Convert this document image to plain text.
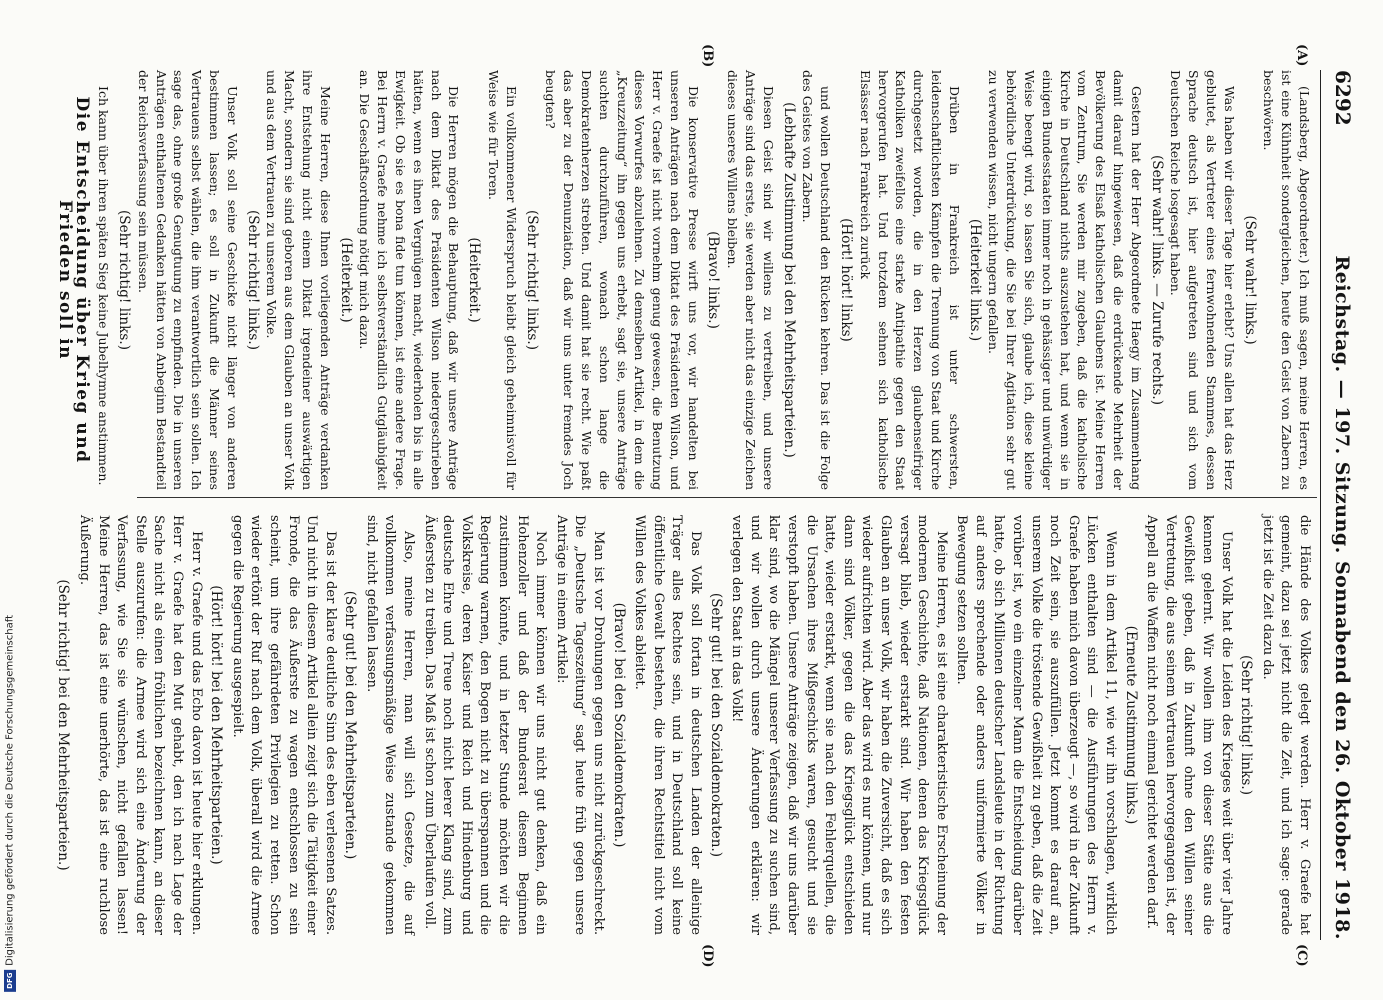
6292
Reichstag. — 197. Sitzung. Sonnabend den 26. Oktober 1918.
(A)
(B)
(C)
(D)

(Landsberg, Abgeordneter.) Ich muß sagen, meine Herren, es ist eine Kühnheit sondergleichen, heute den Geist von Zabern zu beschwören.

(Sehr wahr! links.)

Was haben wir dieser Tage hier erlebt? Uns allen hat das Herz geblutet, als Vertreter eines fernwohnenden Stammes, dessen Sprache deutsch ist, hier aufgetreten sind und sich vom Deutschen Reiche losgesagt haben.

(Sehr wahr! links. — Zurufe rechts.)

Gestern hat der Herr Abgeordnete Haegy im Zusammenhang damit darauf hingewiesen, daß die erdrückende Mehrheit der Bevölkerung des Elsaß katholischen Glaubens ist. Meine Herren vom Zentrum, Sie werden mir zugeben, daß die katholische Kirche in Deutschland nichts auszustehen hat, und wenn sie in einigen Bundesstaaten immer noch in gehässiger und unwürdiger Weise beengt wird, so lassen Sie sich, glaube ich, diese kleine behördliche Unterdrückung, die Sie bei Ihrer Agitation sehr gut zu verwenden wissen, nicht ungern gefallen.

(Heiterkeit links.)

Drüben in Frankreich ist unter schwersten, leidenschaftlichsten Kämpfen die Trennung von Staat und Kirche durchgesetzt worden, die in den Herzen glaubenseifriger Katholiken zweifellos eine starke Antipathie gegen den Staat hervorgerufen hat. Und trotzdem sehnen sich katholische Elsässer nach Frankreich zurück

(Hört! hört! links)

und wollen Deutschland den Rücken kehren. Das ist die Folge des Geistes von Zabern.

(Lebhafte Zustimmung bei den Mehrheitsparteien.)

Diesen Geist sind wir willens zu vertreiben, und unsere Anträge sind das erste, sie werden aber nicht das einzige Zeichen dieses unseres Willens bleiben.

(Bravo! links.)

Die konservative Presse wirft uns vor, wir handelten bei unseren Anträgen nach dem Diktat des Präsidenten Wilson, und Herr v. Graefe ist nicht vornehm genug gewesen, die Benutzung dieses Vorwurfes abzulehnen. Zu demselben Artikel, in dem die „Kreuzzeitung“ ihn gegen uns erhebt, sagt sie, unsere Anträge suchten durchzuführen, wonach schon lange die Demokratenherzen strebten. Und damit hat sie recht. Wie paßt das aber zu der Denunziation, daß wir uns unter fremdes Joch beugten?

(Sehr richtig! links.)

Ein vollkommener Widerspruch bleibt gleich geheimnisvoll für Weise wie für Toren.

(Heiterkeit.)

Die Herren mögen die Behauptung, daß wir unsere Anträge nach dem Diktat des Präsidenten Wilson niedergeschrieben hätten, wenn es ihnen Vergnügen macht, wiederholen bis in alle Ewigkeit. Ob sie es bona fide tun können, ist eine andere Frage. Bei Herrn v. Graefe nehme ich selbstverständlich Gutgläubigkeit an. Die Geschäftsordnung nötigt mich dazu.

(Heiterkeit.)

Meine Herren, diese Ihnen vorliegenden Anträge verdanken ihre Entstehung nicht einem Diktat irgendeiner auswärtigen Macht, sondern sie sind geboren aus dem Glauben an unser Volk und aus dem Vertrauen zu unserem Volke.

(Sehr richtig! links.)

Unser Volk soll seine Geschicke nicht länger von anderen bestimmen lassen; es soll in Zukunft die Männer seines Vertrauens selbst wählen, die ihm verantwortlich sein sollen. Ich sage das, ohne große Genugtuung zu empfinden. Die in unseren Anträgen enthaltenen Gedanken hätten von Anbeginn Bestandteil der Reichsverfassung sein müssen.

(Sehr richtig! links.)

Ich kann über ihren späten Sieg keine Jubelhymne anstimmen.

Die Entscheidung über Krieg und Frieden soll in

die Hände des Volkes gelegt werden. Herr v. Graefe hat gemeint, dazu sei jetzt nicht die Zeit, und ich sage: gerade jetzt ist die Zeit dazu da.

(Sehr richtig! links.)

Unser Volk hat die Leiden des Krieges weit über vier Jahre kennen gelernt. Wir wollen ihm von dieser Stätte aus die Gewißheit geben, daß in Zukunft ohne den Willen seiner Vertretung, die aus seinem Vertrauen hervorgegangen ist, der Appell an die Waffen nicht noch einmal gerichtet werden darf.

(Erneute Zustimmung links.)

Wenn in dem Artikel 11, wie wir ihn vorschlagen, wirklich Lücken enthalten sind — die Ausführungen des Herrn v. Graefe haben mich davon überzeugt —, so wird in der Zukunft noch Zeit sein, sie auszufüllen. Jetzt kommt es darauf an, unserem Volke die tröstende Gewißheit zu geben, daß die Zeit vorüber ist, wo ein einzelner Mann die Entscheidung darüber hatte, ob sich Millionen deutscher Landsleute in der Richtung auf anders sprechende oder anders uniformierte Völker in Bewegung setzen sollten.

Meine Herren, es ist eine charakteristische Erscheinung der modernen Geschichte, daß Nationen, denen das Kriegsglück versagt blieb, wieder erstarkt sind. Wir haben den festen Glauben an unser Volk, wir haben die Zuversicht, daß es sich wieder aufrichten wird. Aber das wird es nur können, und nur dann sind Völker, gegen die das Kriegsglück entschieden hatte, wieder erstarkt, wenn sie nach den Fehlerquellen, die die Ursachen ihres Mißgeschicks waren, gesucht und sie verstopft haben. Unsere Anträge zeigen, daß wir uns darüber klar sind, wo die Mängel unserer Verfassung zu suchen sind, und wir wollen durch unsere Änderungen erklären: wir verlegen den Staat in das Volk!

(Sehr gut! bei den Sozialdemokraten.)

Das Volk soll fortan in deutschen Landen der alleinige Träger alles Rechtes sein, und in Deutschland soll keine öffentliche Gewalt bestehen, die ihren Rechtstitel nicht vom Willen des Volkes ableitet.

(Bravo! bei den Sozialdemokraten.)

Man ist vor Drohungen gegen uns nicht zurückgeschreckt. Die „Deutsche Tageszeitung“ sagt heute früh gegen unsere Anträge in einem Artikel:

Noch immer können wir uns nicht gut denken, daß ein Hohenzoller und daß der Bundesrat diesem Beginnen zustimmen könnte, und in letzter Stunde möchten wir die Regierung warnen, den Bogen nicht zu überspannen und die Volkskreise, deren Kaiser und Reich und Hindenburg und deutsche Ehre und Treue noch nicht leerer Klang sind, zum Äußersten zu treiben. Das Maß ist schon zum Überlaufen voll.

Also, meine Herren, man will sich Gesetze, die auf vollkommen verfassungsmäßige Weise zustande gekommen sind, nicht gefallen lassen.

(Sehr gut! bei den Mehrheitsparteien.)

Das ist der klare deutliche Sinn des eben verlesenen Satzes. Und nicht in diesem Artikel allein zeigt sich die Tätigkeit einer Fronde, die das Äußerste zu wagen entschlossen zu sein scheint, um ihre gefährdeten Privilegien zu retten. Schon wieder ertönt der Ruf nach dem Volk, überall wird die Armee gegen die Regierung ausgespielt.

(Hört! hört! bei den Mehrheitsparteien.)

Herr v. Graefe und das Echo davon ist heute hier erklungen. Herr v. Graefe hat den Mut gehabt, den ich nach Lage der Sache nicht als einen fröhlichen bezeichnen kann, an dieser Stelle auszurufen: die Armee wird sich eine Änderung der Verfassung, wie Sie sie wünschen, nicht gefallen lassen! Meine Herren, das ist eine unerhörte, das ist eine ruchlose Äußerung.

(Sehr richtig! bei den Mehrheitsparteien.)

DFG
Digitalisierung gefördert durch die Deutsche Forschungsgemeinschaft
